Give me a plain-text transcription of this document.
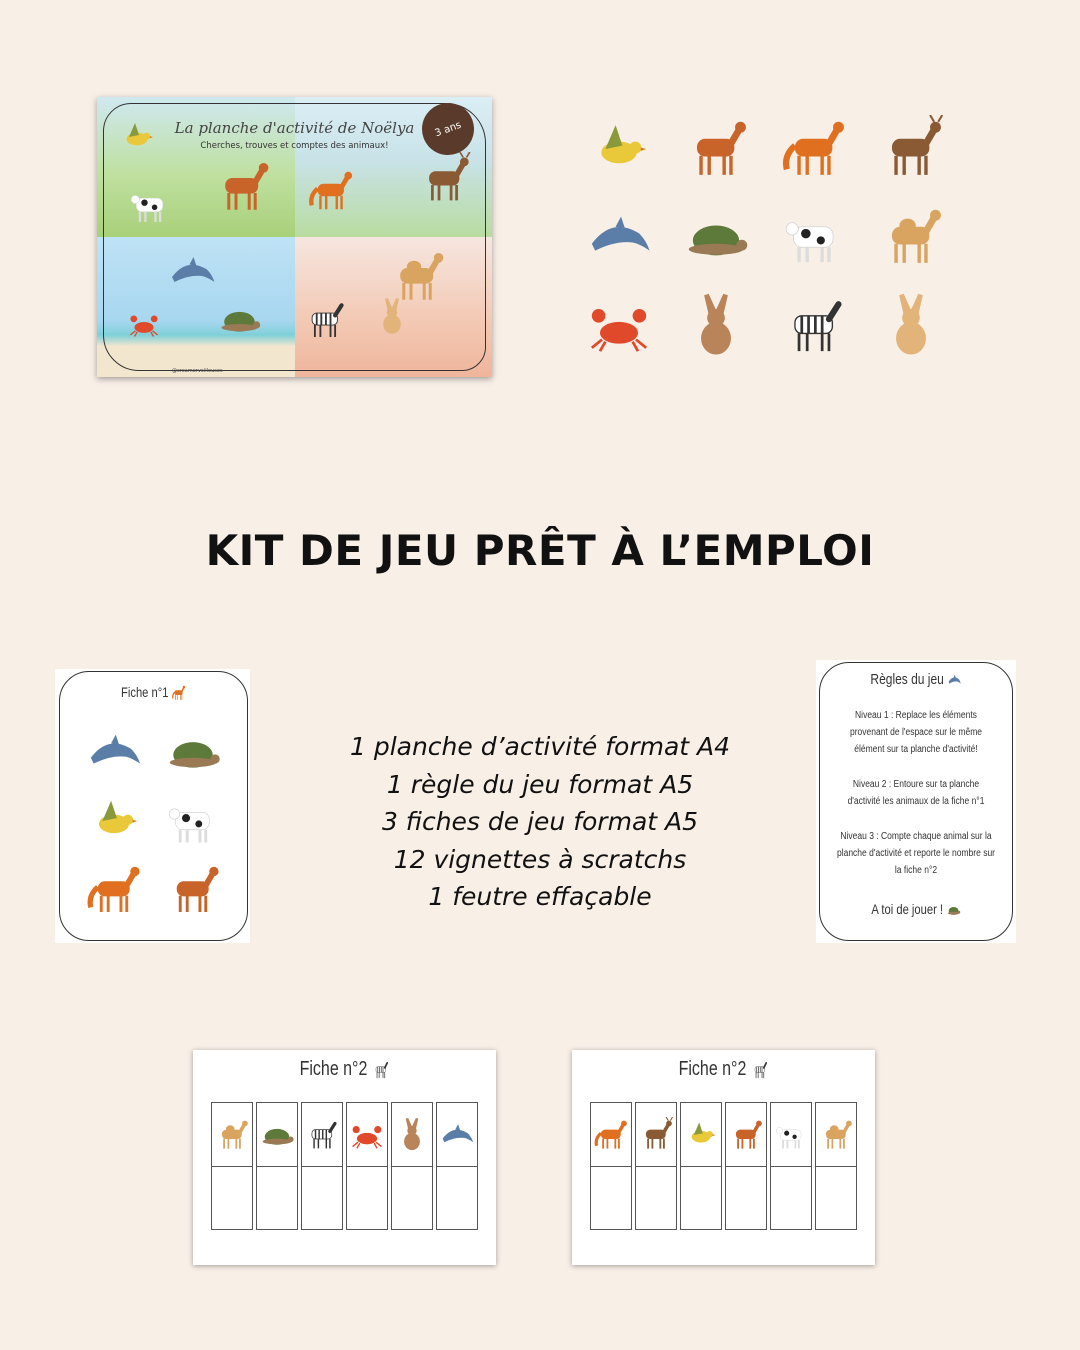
La planche d'activité de Noëlya
Cherches, trouves et comptes des animaux!
3 ans
@creamerveilleuses
KIT DE JEU PRÊT À L’EMPLOI
Fiche n°1
1 planche d’activité format A4
1 règle du jeu format A5
3 fiches de jeu format A5
12 vignettes à scratchs
1 feutre effaçable
Règles du jeu

Niveau 1 : Replace les éléments provenant de l'espace sur le même élément sur ta planche d'activité!

Niveau 2 : Entoure sur ta planche d'activité les animaux de la fiche n°1

Niveau 3 : Compte chaque animal sur la planche d'activité et reporte le nombre sur la fiche n°2

A toi de jouer !
Fiche n°2	Fiche n°2
